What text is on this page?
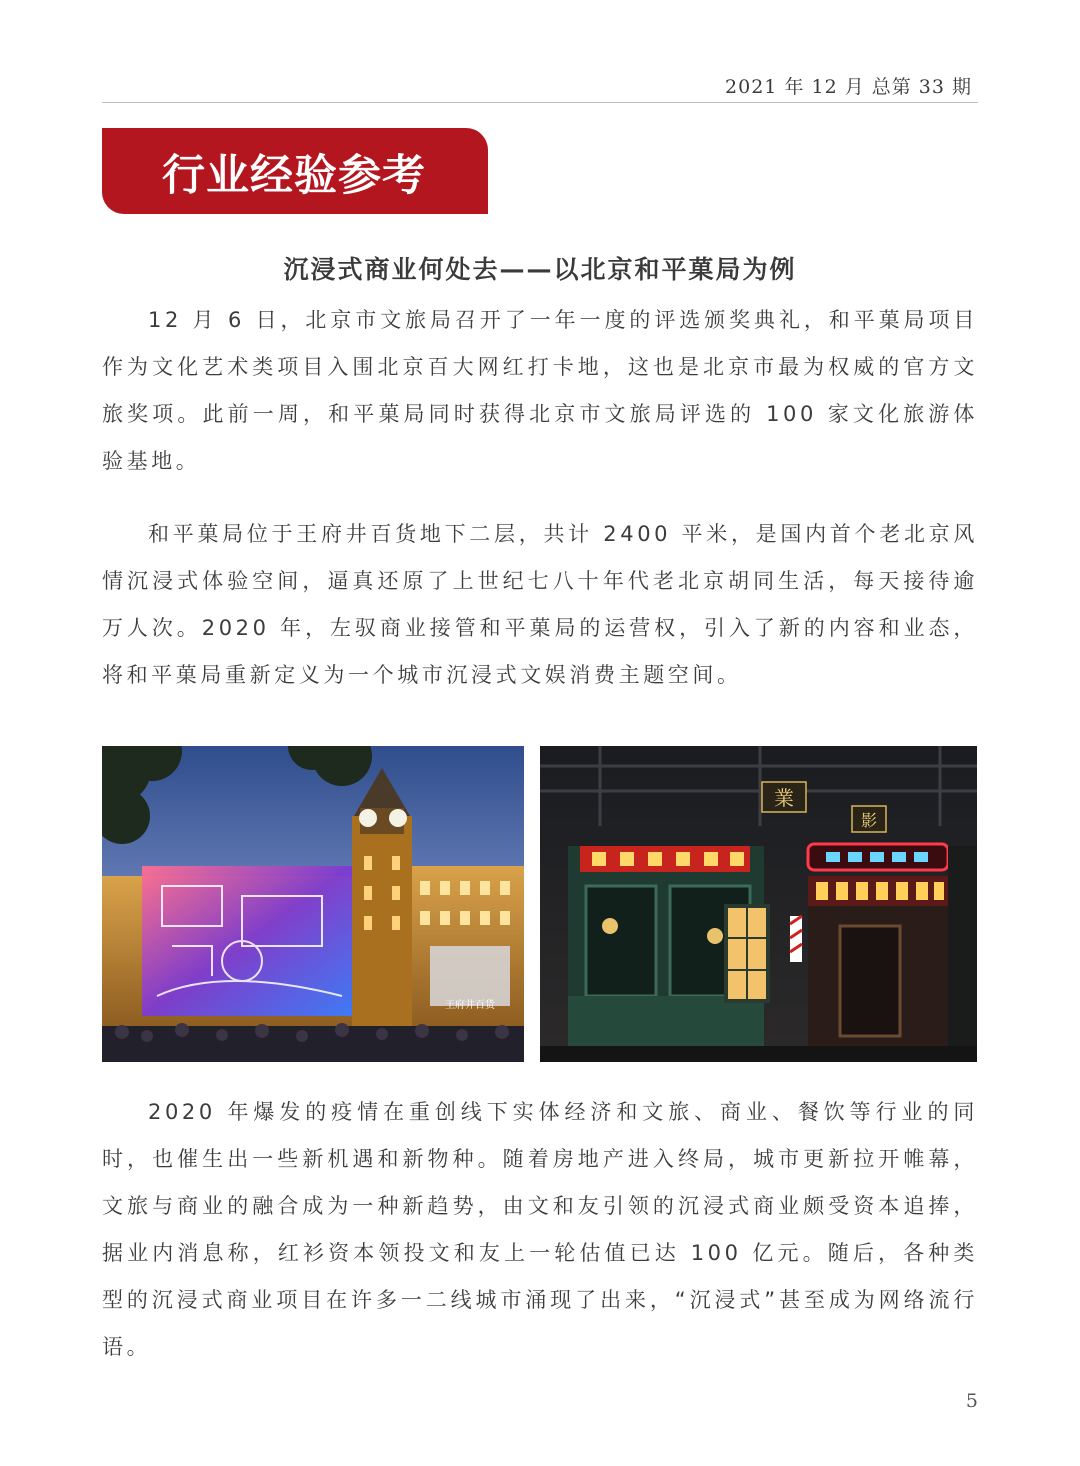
2021 年 12 月 总第 33 期
行业经验参考
沉浸式商业何处去——以北京和平菓局为例

12 月 6 日，北京市文旅局召开了一年一度的评选颁奖典礼，和平菓局项目作为文化艺术类项目入围北京百大网红打卡地，这也是北京市最为权威的官方文旅奖项。此前一周，和平菓局同时获得北京市文旅局评选的 100 家文化旅游体验基地。

和平菓局位于王府井百货地下二层，共计 2400 平米，是国内首个老北京风情沉浸式体验空间，逼真还原了上世纪七八十年代老北京胡同生活，每天接待逾万人次。2020 年，左驭商业接管和平菓局的运营权，引入了新的内容和业态，将和平菓局重新定义为一个城市沉浸式文娱消费主题空间。

王府井百货
業
影

2020 年爆发的疫情在重创线下实体经济和文旅、商业、餐饮等行业的同时，也催生出一些新机遇和新物种。随着房地产进入终局，城市更新拉开帷幕，文旅与商业的融合成为一种新趋势，由文和友引领的沉浸式商业颇受资本追捧，据业内消息称，红衫资本领投文和友上一轮估值已达 100 亿元。随后，各种类型的沉浸式商业项目在许多一二线城市涌现了出来，“沉浸式”甚至成为网络流行语。

5
